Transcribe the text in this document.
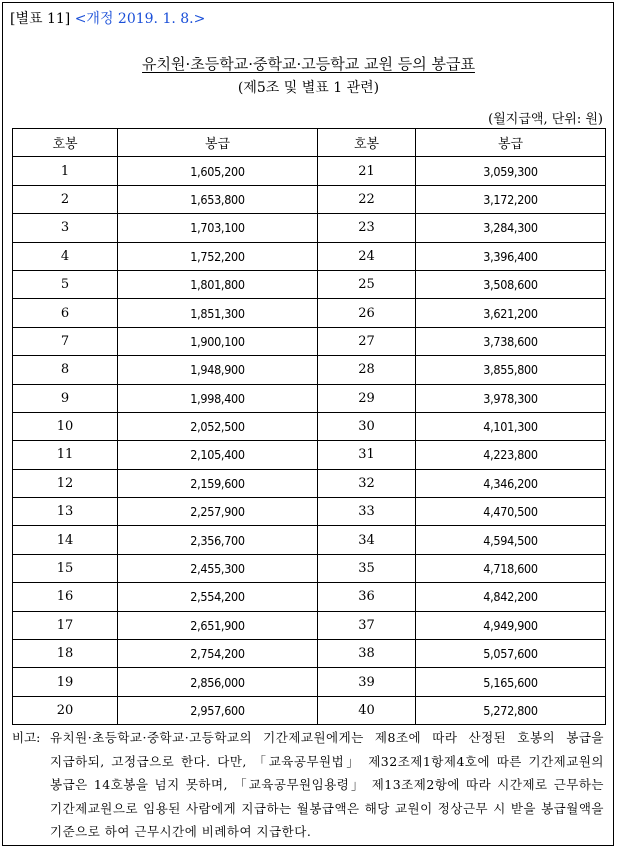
[별표 11] <개정 2019. 1. 8.>
유치원·초등학교·중학교·고등학교 교원 등의 봉급표
(제5조 및 별표 1 관련)
(월지급액, 단위: 원)
호봉	봉급	호봉	봉급
1	1,605,200	21	3,059,300
2	1,653,800	22	3,172,200
3	1,703,100	23	3,284,300
4	1,752,200	24	3,396,400
5	1,801,800	25	3,508,600
6	1,851,300	26	3,621,200
7	1,900,100	27	3,738,600
8	1,948,900	28	3,855,800
9	1,998,400	29	3,978,300
10	2,052,500	30	4,101,300
11	2,105,400	31	4,223,800
12	2,159,600	32	4,346,200
13	2,257,900	33	4,470,500
14	2,356,700	34	4,594,500
15	2,455,300	35	4,718,600
16	2,554,200	36	4,842,200
17	2,651,900	37	4,949,900
18	2,754,200	38	5,057,600
19	2,856,000	39	5,165,600
20	2,957,600	40	5,272,800
비고: 유치원·초등학교·중학교·고등학교의 기간제교원에게는 제8조에 따라 산정된 호봉의 봉급을 지급하되, 고정급으로 한다. 다만, 「교육공무원법」 제32조제1항제4호에 따른 기간제교원의 봉급은 14호봉을 넘지 못하며, 「교육공무원임용령」 제13조제2항에 따라 시간제로 근무하는 기간제교원으로 임용된 사람에게 지급하는 월봉급액은 해당 교원이 정상근무 시 받을 봉급월액을 기준으로 하여 근무시간에 비례하여 지급한다.
